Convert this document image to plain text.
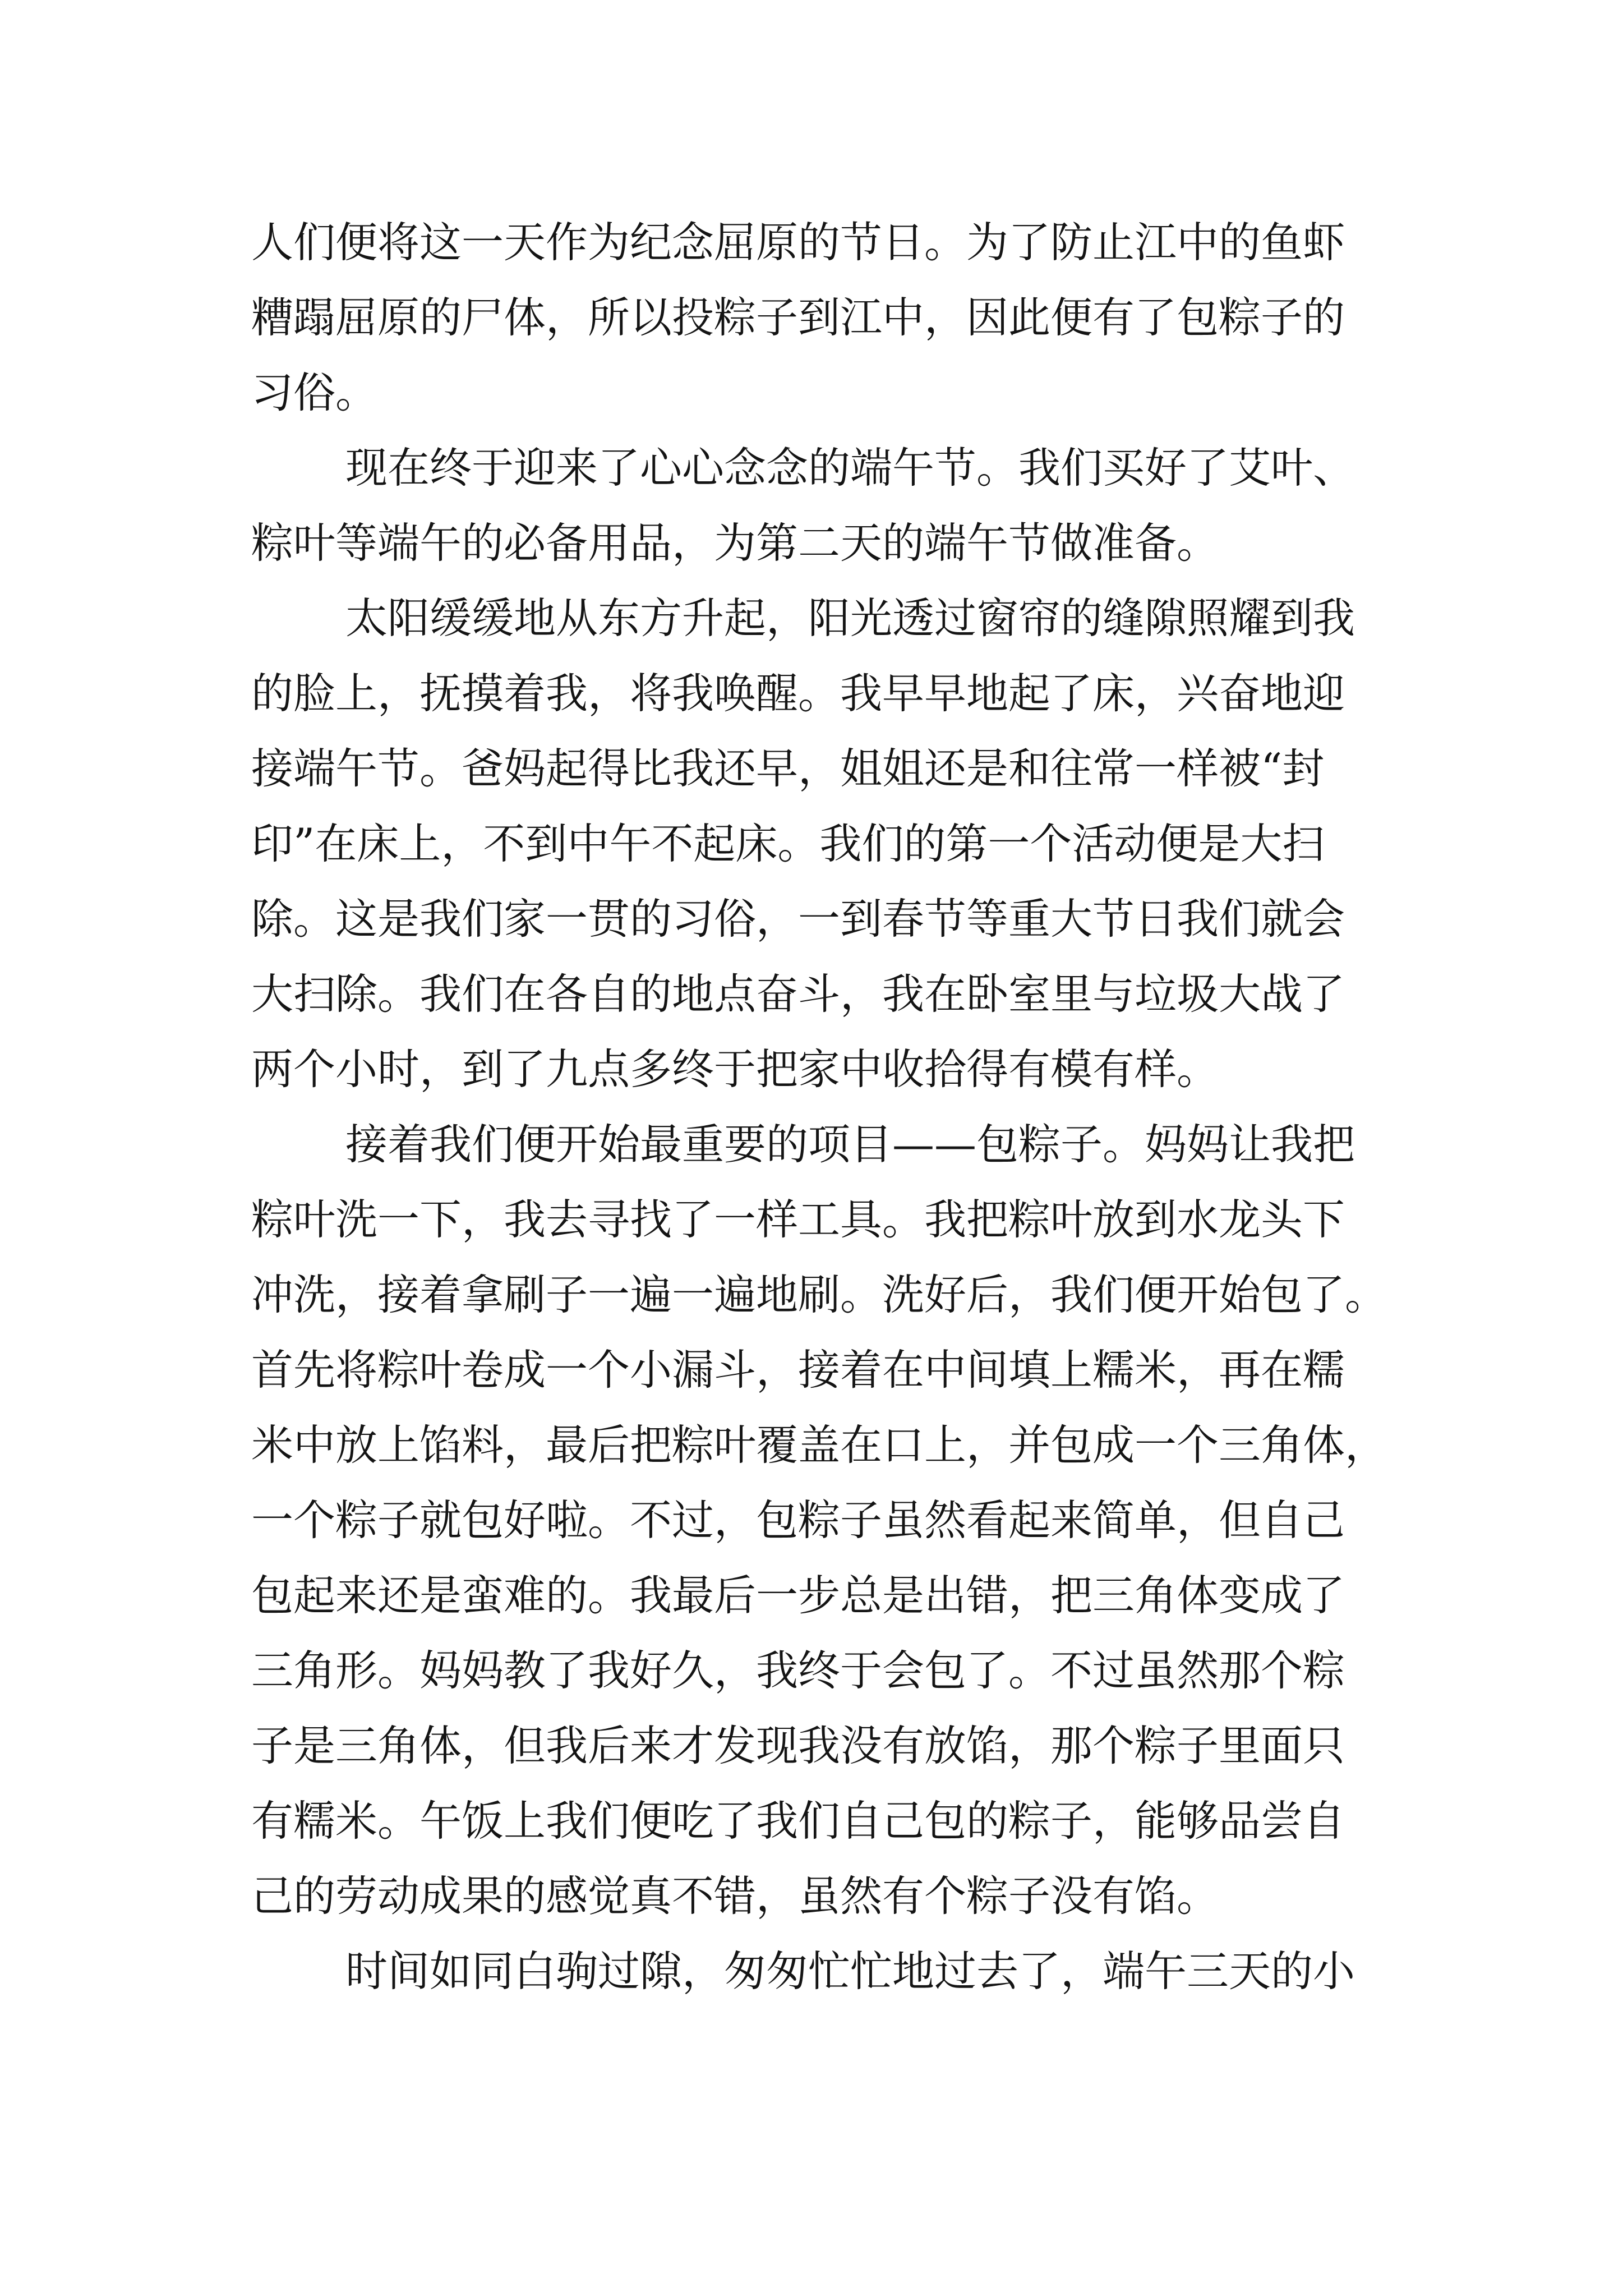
人们便将这一天作为纪念屈原的节日。为了防止江中的鱼虾
糟蹋屈原的尸体，所以投粽子到江中，因此便有了包粽子的
习俗。

现在终于迎来了心心念念的端午节。我们买好了艾叶、
粽叶等端午的必备用品，为第二天的端午节做准备。

太阳缓缓地从东方升起，阳光透过窗帘的缝隙照耀到我
的脸上，抚摸着我，将我唤醒。我早早地起了床，兴奋地迎
接端午节。爸妈起得比我还早，姐姐还是和往常一样被“封
印”在床上，不到中午不起床。我们的第一个活动便是大扫
除。这是我们家一贯的习俗，一到春节等重大节日我们就会
大扫除。我们在各自的地点奋斗，我在卧室里与垃圾大战了
两个小时，到了九点多终于把家中收拾得有模有样。

接着我们便开始最重要的项目——包粽子。妈妈让我把
粽叶洗一下，我去寻找了一样工具。我把粽叶放到水龙头下
冲洗，接着拿刷子一遍一遍地刷。洗好后，我们便开始包了。
首先将粽叶卷成一个小漏斗，接着在中间填上糯米，再在糯
米中放上馅料，最后把粽叶覆盖在口上，并包成一个三角体，
一个粽子就包好啦。不过，包粽子虽然看起来简单，但自己
包起来还是蛮难的。我最后一步总是出错，把三角体变成了
三角形。妈妈教了我好久，我终于会包了。不过虽然那个粽
子是三角体，但我后来才发现我没有放馅，那个粽子里面只
有糯米。午饭上我们便吃了我们自己包的粽子，能够品尝自
己的劳动成果的感觉真不错，虽然有个粽子没有馅。

时间如同白驹过隙，匆匆忙忙地过去了，端午三天的小
